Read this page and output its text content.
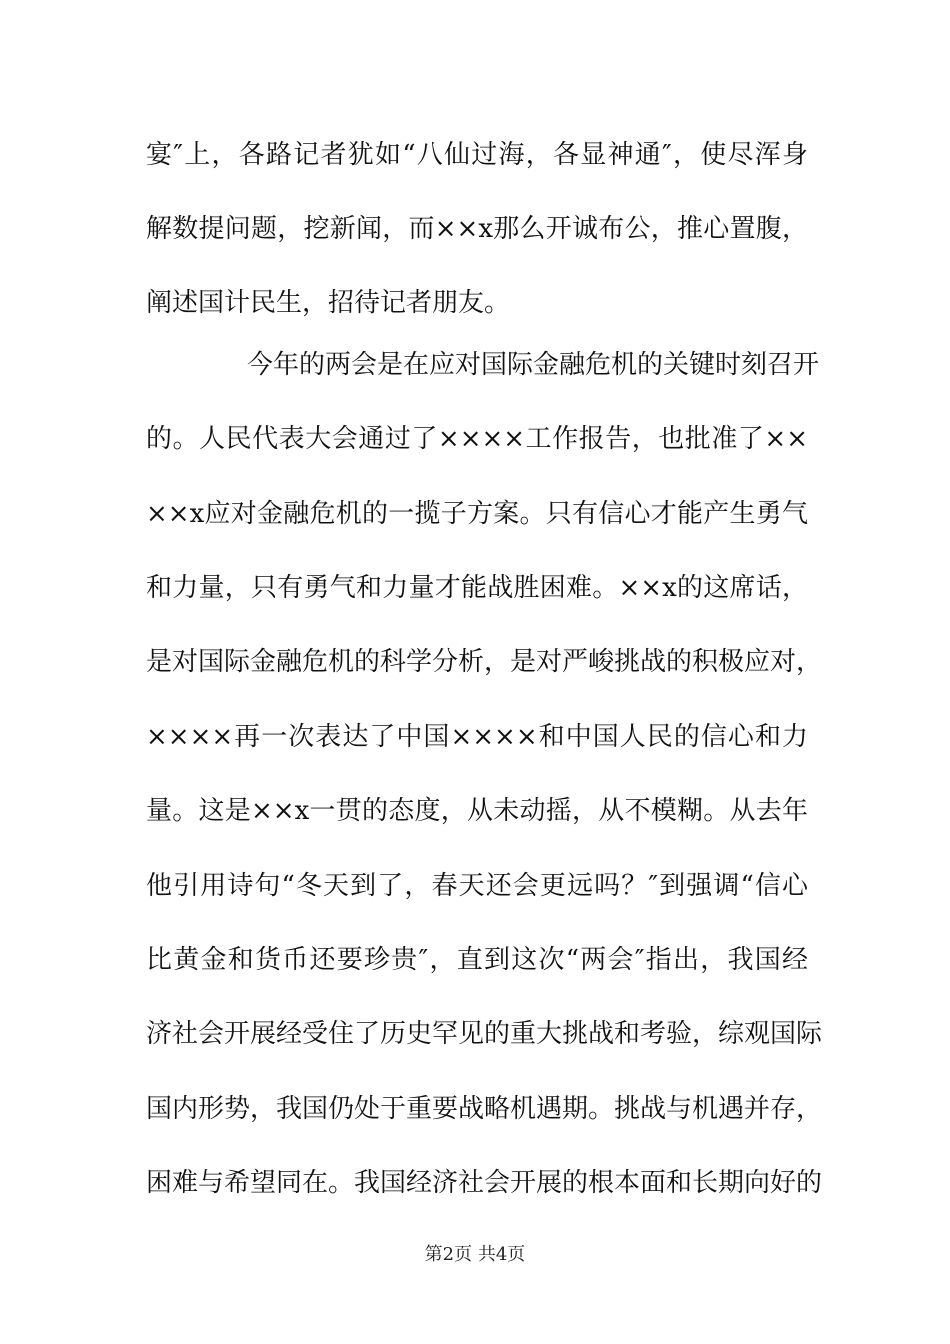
宴″上，各路记者犹如“八仙过海，各显神通″，使尽浑身
解数提问题，挖新闻，而××x那么开诚布公，推心置腹，
阐述国计民生，招待记者朋友。
今年的两会是在应对国际金融危机的关键时刻召开
的。人民代表大会通过了××××工作报告，也批准了××
××x应对金融危机的一揽子方案。只有信心才能产生勇气
和力量，只有勇气和力量才能战胜困难。××x的这席话，
是对国际金融危机的科学分析，是对严峻挑战的积极应对，
××××再一次表达了中国××××和中国人民的信心和力
量。这是××x一贯的态度，从未动摇，从不模糊。从去年
他引用诗句“冬天到了，春天还会更远吗？″到强调“信心
比黄金和货币还要珍贵″，直到这次“两会″指出，我国经
济社会开展经受住了历史罕见的重大挑战和考验，综观国际
国内形势，我国仍处于重要战略机遇期。挑战与机遇并存，
困难与希望同在。我国经济社会开展的根本面和长期向好的
第2页 共4页
